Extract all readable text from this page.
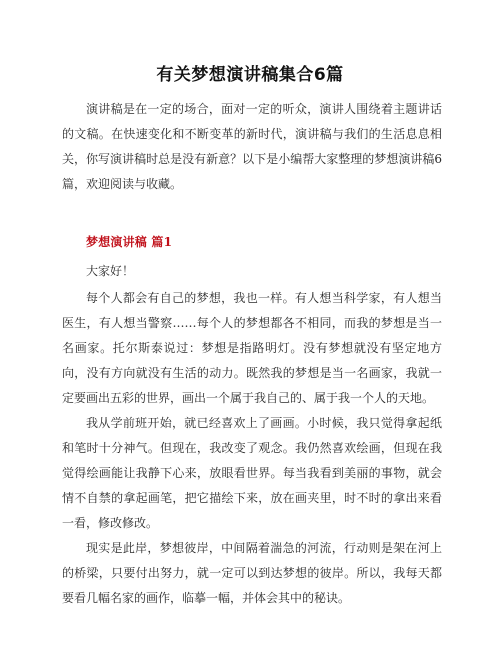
有关梦想演讲稿集合6篇

演讲稿是在一定的场合，面对一定的听众，演讲人围绕着主题讲话的文稿。在快速变化和不断变革的新时代，演讲稿与我们的生活息息相关，你写演讲稿时总是没有新意？以下是小编帮大家整理的梦想演讲稿6篇，欢迎阅读与收藏。

梦想演讲稿 篇1

大家好！

每个人都会有自己的梦想，我也一样。有人想当科学家，有人想当医生，有人想当警察……每个人的梦想都各不相同，而我的梦想是当一名画家。托尔斯泰说过：梦想是指路明灯。没有梦想就没有坚定地方向，没有方向就没有生活的动力。既然我的梦想是当一名画家，我就一定要画出五彩的世界，画出一个属于我自己的、属于我一个人的天地。

我从学前班开始，就已经喜欢上了画画。小时候，我只觉得拿起纸和笔时十分神气。但现在，我改变了观念。我仍然喜欢绘画，但现在我觉得绘画能让我静下心来，放眼看世界。每当我看到美丽的事物，就会情不自禁的拿起画笔，把它描绘下来，放在画夹里，时不时的拿出来看一看，修改修改。

现实是此岸，梦想彼岸，中间隔着湍急的河流，行动则是架在河上的桥梁，只要付出努力，就一定可以到达梦想的彼岸。所以，我每天都要看几幅名家的画作，临摹一幅，并体会其中的秘诀。
